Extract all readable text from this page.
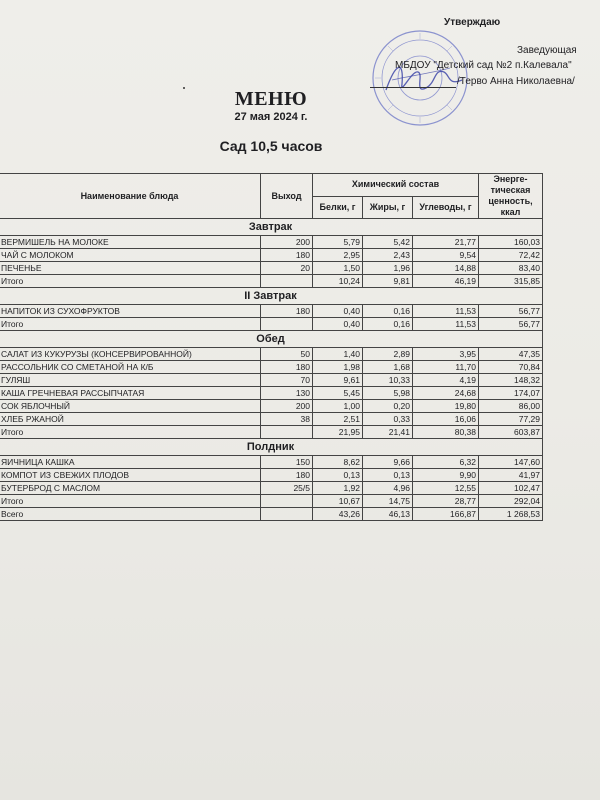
Утверждаю
Заведующая
МБДОУ "Детский сад №2 п.Калевала"
/Терво Анна Николаевна/
МЕНЮ
27 мая 2024 г.
Сад 10,5 часов
Наименование блюда	Выход	Химический состав			Энерге-тическая ценность, ккал
		Белки, г	Жиры, г	Углеводы, г	
Завтрак					
ВЕРМИШЕЛЬ НА МОЛОКЕ	200	5,79	5,42	21,77	160,03
ЧАЙ С МОЛОКОМ	180	2,95	2,43	9,54	72,42
ПЕЧЕНЬЕ	20	1,50	1,96	14,88	83,40
Итого		10,24	9,81	46,19	315,85
II Завтрак					
НАПИТОК ИЗ СУХОФРУКТОВ	180	0,40	0,16	11,53	56,77
Итого		0,40	0,16	11,53	56,77
Обед					
САЛАТ ИЗ КУКУРУЗЫ (КОНСЕРВИРОВАННОЙ)	50	1,40	2,89	3,95	47,35
РАССОЛЬНИК СО СМЕТАНОЙ НА К/Б	180	1,98	1,68	11,70	70,84
ГУЛЯШ	70	9,61	10,33	4,19	148,32
КАША ГРЕЧНЕВАЯ РАССЫПЧАТАЯ	130	5,45	5,98	24,68	174,07
СОК ЯБЛОЧНЫЙ	200	1,00	0,20	19,80	86,00
ХЛЕБ РЖАНОЙ	38	2,51	0,33	16,06	77,29
Итого		21,95	21,41	80,38	603,87
Полдник					
ЯИЧНИЦА КАШКА	150	8,62	9,66	6,32	147,60
КОМПОТ ИЗ СВЕЖИХ ПЛОДОВ	180	0,13	0,13	9,90	41,97
БУТЕРБРОД С МАСЛОМ	25/5	1,92	4,96	12,55	102,47
Итого		10,67	14,75	28,77	292,04
Всего		43,26	46,13	166,87	1 268,53
